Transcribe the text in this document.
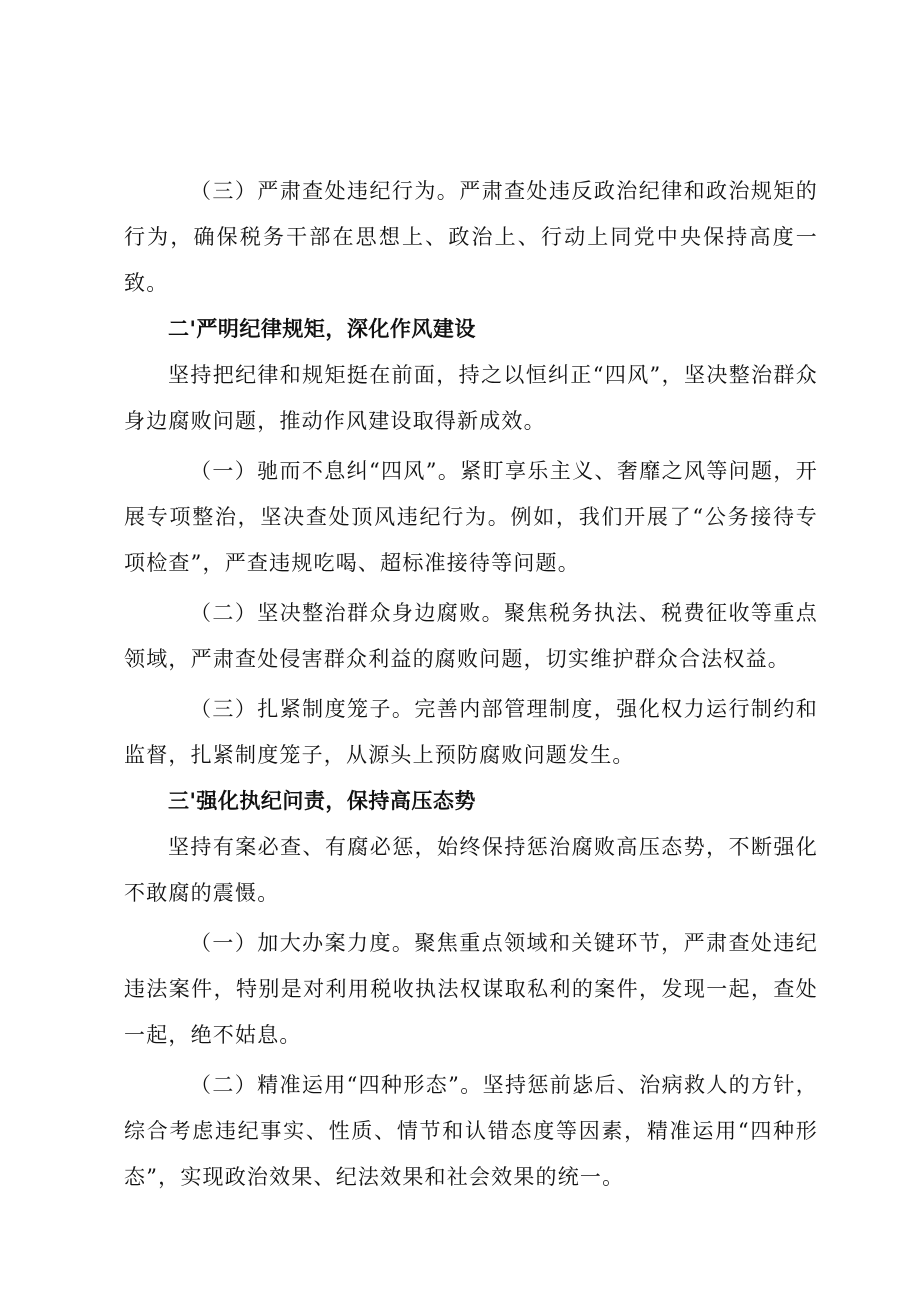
（三）严肃查处违纪行为。严肃查处违反政治纪律和政治规矩的行为，确保税务干部在思想上、政治上、行动上同党中央保持高度一致。

二'严明纪律规矩，深化作风建设

坚持把纪律和规矩挺在前面，持之以恒纠正“四风”，坚决整治群众身边腐败问题，推动作风建设取得新成效。

（一）驰而不息纠“四风”。紧盯享乐主义、奢靡之风等问题，开展专项整治，坚决查处顶风违纪行为。例如，我们开展了“公务接待专项检查”，严查违规吃喝、超标准接待等问题。

（二）坚决整治群众身边腐败。聚焦税务执法、税费征收等重点领域，严肃查处侵害群众利益的腐败问题，切实维护群众合法权益。

（三）扎紧制度笼子。完善内部管理制度，强化权力运行制约和监督，扎紧制度笼子，从源头上预防腐败问题发生。

三'强化执纪问责，保持高压态势

坚持有案必查、有腐必惩，始终保持惩治腐败高压态势，不断强化不敢腐的震慑。

（一）加大办案力度。聚焦重点领域和关键环节，严肃查处违纪违法案件，特别是对利用税收执法权谋取私利的案件，发现一起，查处一起，绝不姑息。

（二）精准运用“四种形态”。坚持惩前毖后、治病救人的方针，综合考虑违纪事实、性质、情节和认错态度等因素，精准运用“四种形态”，实现政治效果、纪法效果和社会效果的统一。
